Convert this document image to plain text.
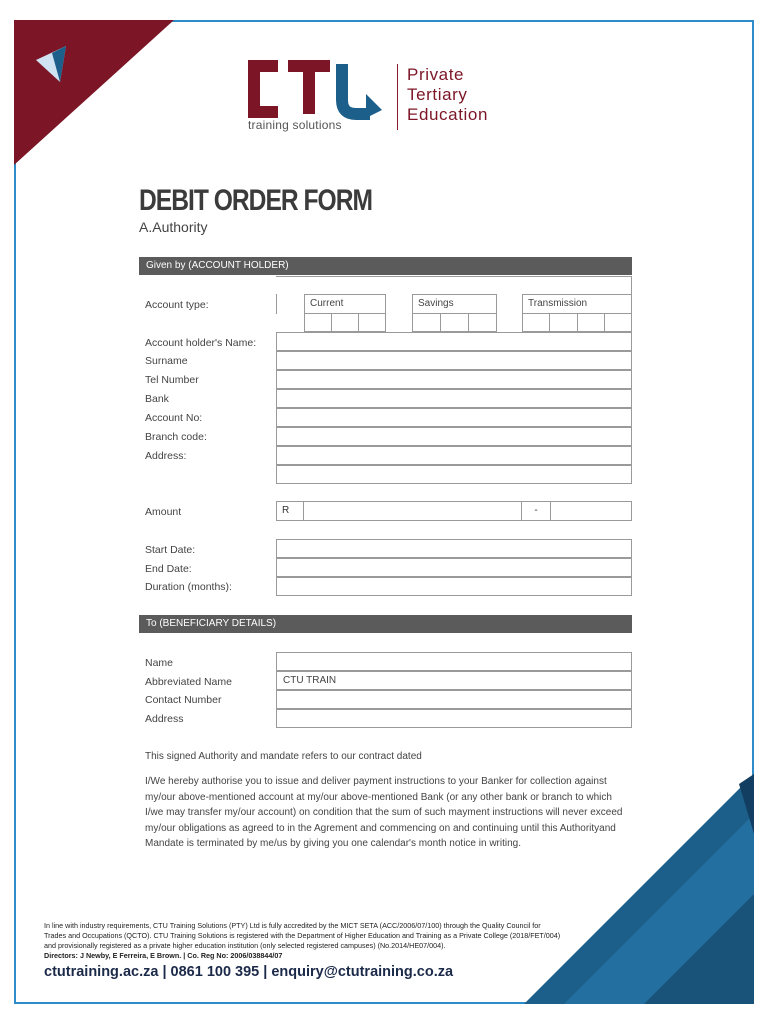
training solutions
Private
Tertiary
Education
DEBIT ORDER FORM
A.Authority
Given by (ACCOUNT HOLDER)
Account type:	Current	Savings	Transmission
Account holder's Name:
Surname
Tel Number
Bank
Account No:
Branch code:
Address:
Amount	R	-
Start Date:
End Date:
Duration (months):
To (BENEFICIARY DETAILS)
Name
Abbreviated Name	CTU TRAIN
Contact Number
Address
This signed Authority and mandate refers to our contract dated
I/We hereby authorise you to issue and deliver payment instructions to your Banker for collection against my/our above-mentioned account at my/our above-mentioned Bank (or any other bank or branch to which I/we may transfer my/our account) on condition that the sum of such mayment instructions will never exceed my/our obligations as agreed to in the Agrement and commencing on and continuing until this Authorityand Mandate is terminated by me/us by giving you one calendar's month notice in writing.
In line with industry requirements, CTU Training Solutions (PTY) Ltd is fully accredited by the MICT SETA (ACC/2006/07/100) through the Quality Council for Trades and Occupations (QCTO). CTU Training Solutions is registered with the Department of Higher Education and Training as a Private College (2018/FET/004) and provisionally registered as a private higher education institution (only selected registered campuses) (No.2014/HE07/004).
Directors: J Newby, E Ferreira, E Brown. | Co. Reg No: 2006/038844/07
ctutraining.ac.za | 0861 100 395 | enquiry@ctutraining.co.za
